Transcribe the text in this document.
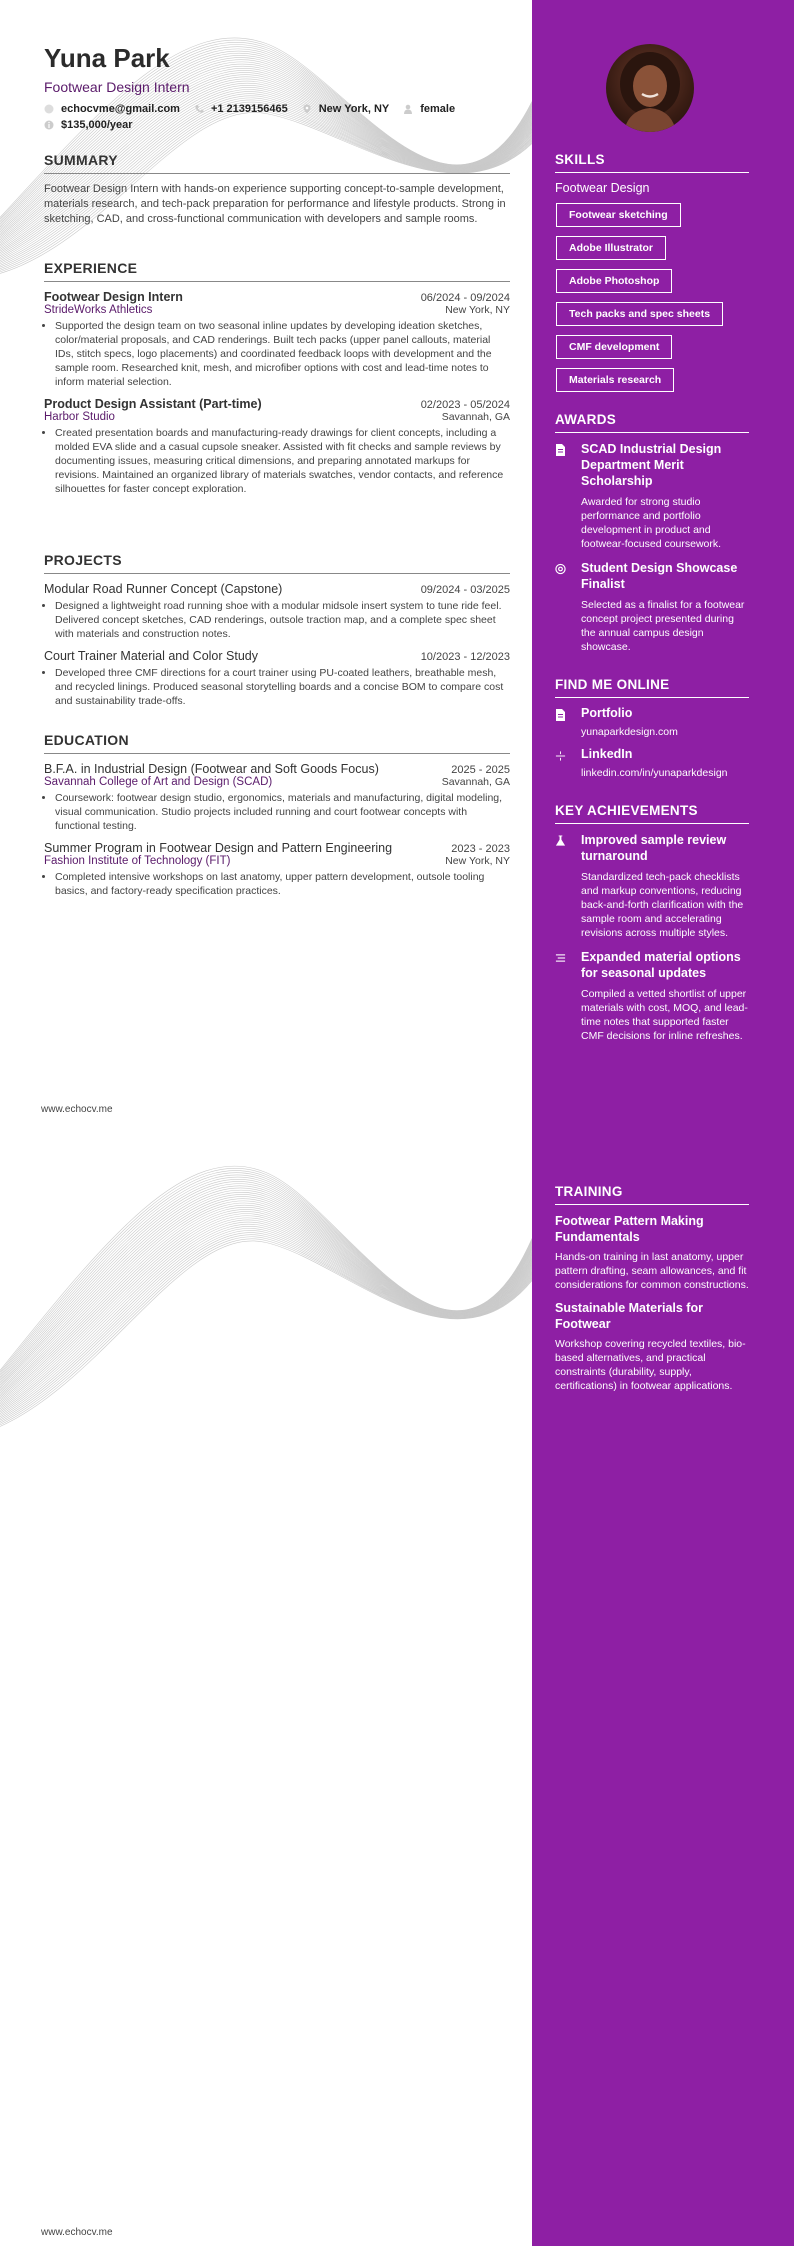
Yuna Park
Footwear Design Intern
echocvme@gmail.com	+1 2139156465	New York, NY	female
$135,000/year
SUMMARY
Footwear Design Intern with hands-on experience supporting concept-to-sample development, materials research, and tech-pack preparation for performance and lifestyle products. Strong in sketching, CAD, and cross-functional communication with developers and sample rooms.
EXPERIENCE
Footwear Design Intern	06/2024 - 09/2024
StrideWorks Athletics	New York, NY
• Supported the design team on two seasonal inline updates by developing ideation sketches, color/material proposals, and CAD renderings. Built tech packs (upper panel callouts, material IDs, stitch specs, logo placements) and coordinated feedback loops with development and the sample room. Researched knit, mesh, and microfiber options with cost and lead-time notes to inform material selection.
Product Design Assistant (Part-time)	02/2023 - 05/2024
Harbor Studio	Savannah, GA
• Created presentation boards and manufacturing-ready drawings for client concepts, including a molded EVA slide and a casual cupsole sneaker. Assisted with fit checks and sample reviews by documenting issues, measuring critical dimensions, and preparing annotated markups for revisions. Maintained an organized library of materials swatches, vendor contacts, and reference silhouettes for faster concept exploration.
PROJECTS
Modular Road Runner Concept (Capstone)	09/2024 - 03/2025
• Designed a lightweight road running shoe with a modular midsole insert system to tune ride feel. Delivered concept sketches, CAD renderings, outsole traction map, and a complete spec sheet with materials and construction notes.
Court Trainer Material and Color Study	10/2023 - 12/2023
• Developed three CMF directions for a court trainer using PU-coated leathers, breathable mesh, and recycled linings. Produced seasonal storytelling boards and a concise BOM to compare cost and sustainability trade-offs.
EDUCATION
B.F.A. in Industrial Design (Footwear and Soft Goods Focus)	2025 - 2025
Savannah College of Art and Design (SCAD)	Savannah, GA
• Coursework: footwear design studio, ergonomics, materials and manufacturing, digital modeling, visual communication. Studio projects included running and court footwear concepts with functional testing.
Summer Program in Footwear Design and Pattern Engineering	2023 - 2023
Fashion Institute of Technology (FIT)	New York, NY
• Completed intensive workshops on last anatomy, upper pattern development, outsole tooling basics, and factory-ready specification practices.
www.echocv.me
www.echocv.me
SKILLS
Footwear Design
Footwear sketching
Adobe Illustrator
Adobe Photoshop
Tech packs and spec sheets
CMF development
Materials research
AWARDS
SCAD Industrial Design Department Merit Scholarship
Awarded for strong studio performance and portfolio development in product and footwear-focused coursework.
Student Design Showcase Finalist
Selected as a finalist for a footwear concept project presented during the annual campus design showcase.
FIND ME ONLINE
Portfolio
yunaparkdesign.com
LinkedIn
linkedin.com/in/yunaparkdesign
KEY ACHIEVEMENTS
Improved sample review turnaround
Standardized tech-pack checklists and markup conventions, reducing back-and-forth clarification with the sample room and accelerating revisions across multiple styles.
Expanded material options for seasonal updates
Compiled a vetted shortlist of upper materials with cost, MOQ, and lead-time notes that supported faster CMF decisions for inline refreshes.
TRAINING
Footwear Pattern Making Fundamentals
Hands-on training in last anatomy, upper pattern drafting, seam allowances, and fit considerations for common constructions.
Sustainable Materials for Footwear
Workshop covering recycled textiles, bio-based alternatives, and practical constraints (durability, supply, certifications) in footwear applications.
